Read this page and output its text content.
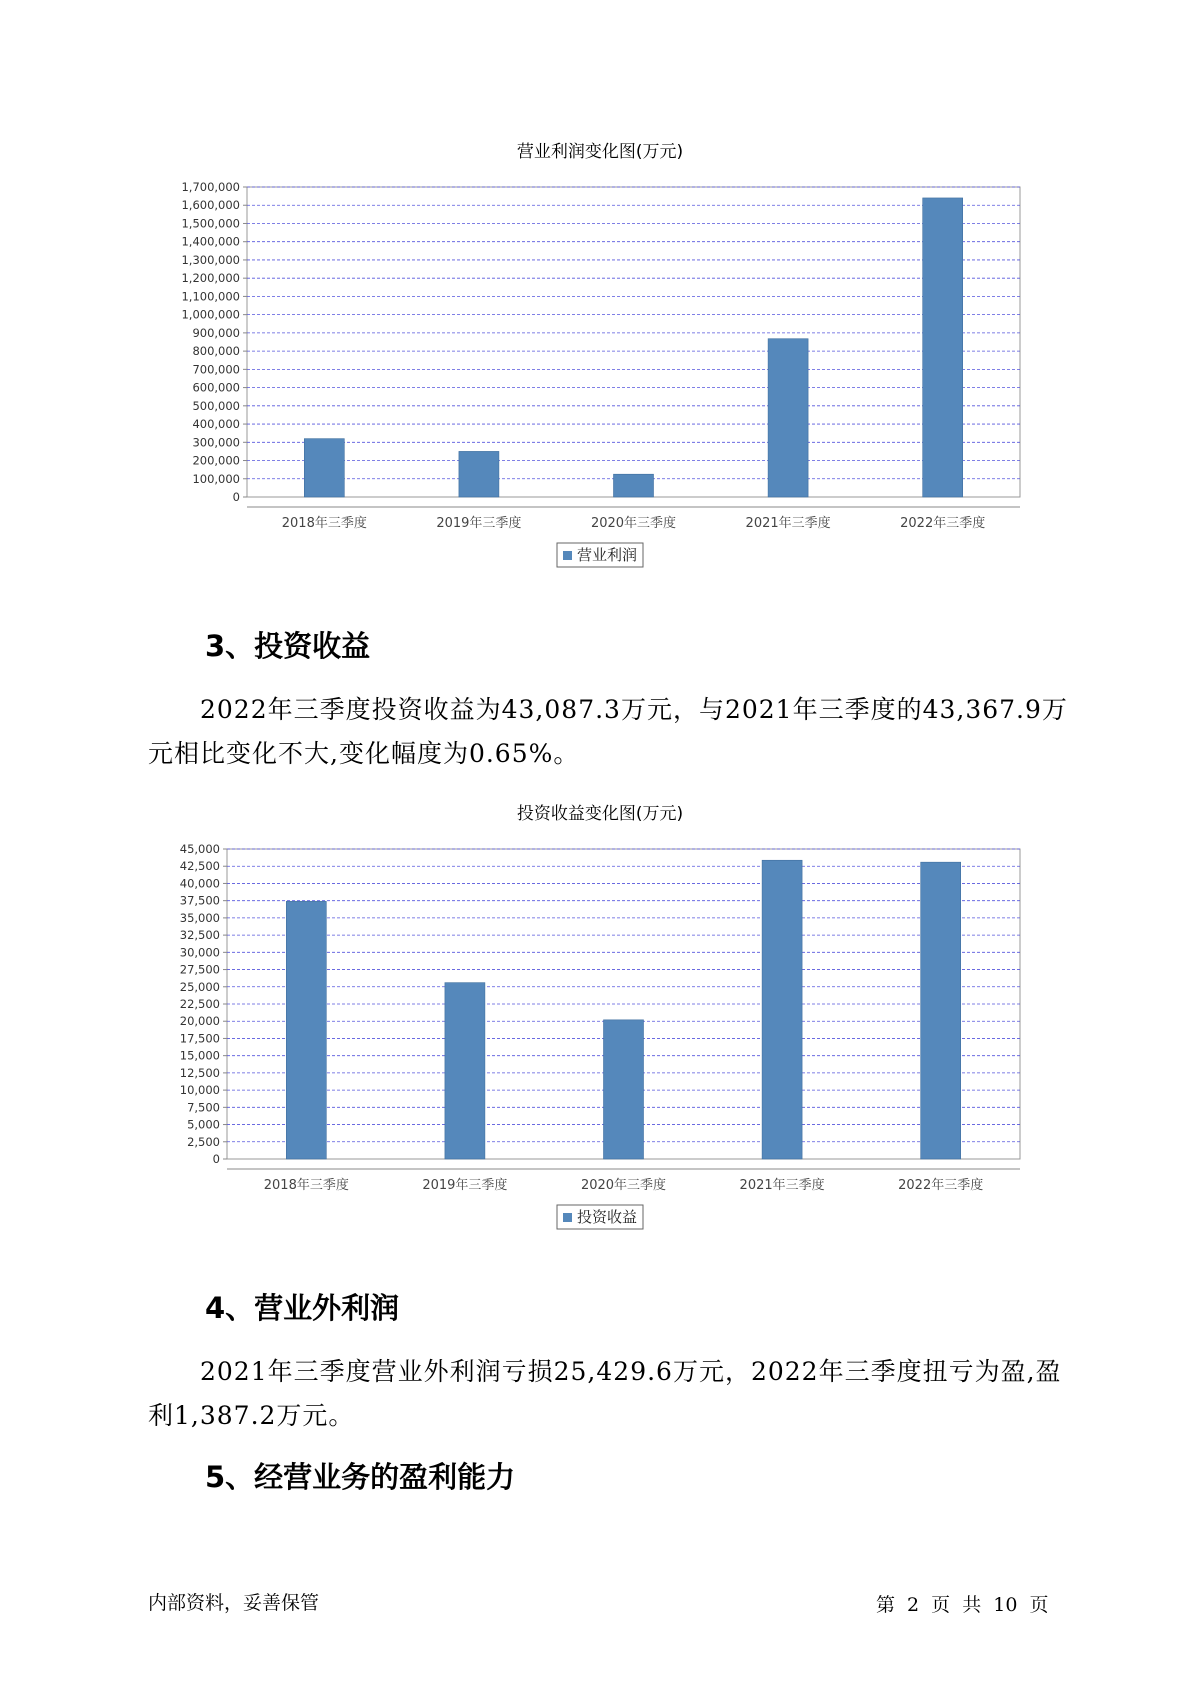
营业利润变化图(万元)
0
100,000
200,000
300,000
400,000
500,000
600,000
700,000
800,000
900,000
1,000,000
1,100,000
1,200,000
1,300,000
1,400,000
1,500,000
1,600,000
1,700,000
2018年三季度	2019年三季度	2020年三季度	2021年三季度	2022年三季度
营业利润
3、投资收益

2022年三季度投资收益为43,087.3万元，与2021年三季度的43,367.9万元相比变化不大,变化幅度为0.65%。

投资收益变化图(万元)
0
2,500
5,000
7,500
10,000
12,500
15,000
17,500
20,000
22,500
25,000
27,500
30,000
32,500
35,000
37,500
40,000
42,500
45,000
2018年三季度	2019年三季度	2020年三季度	2021年三季度	2022年三季度
投资收益
4、营业外利润

2021年三季度营业外利润亏损25,429.6万元，2022年三季度扭亏为盈,盈利1,387.2万元。

5、经营业务的盈利能力
内部资料，妥善保管	第 2 页 共 10 页
